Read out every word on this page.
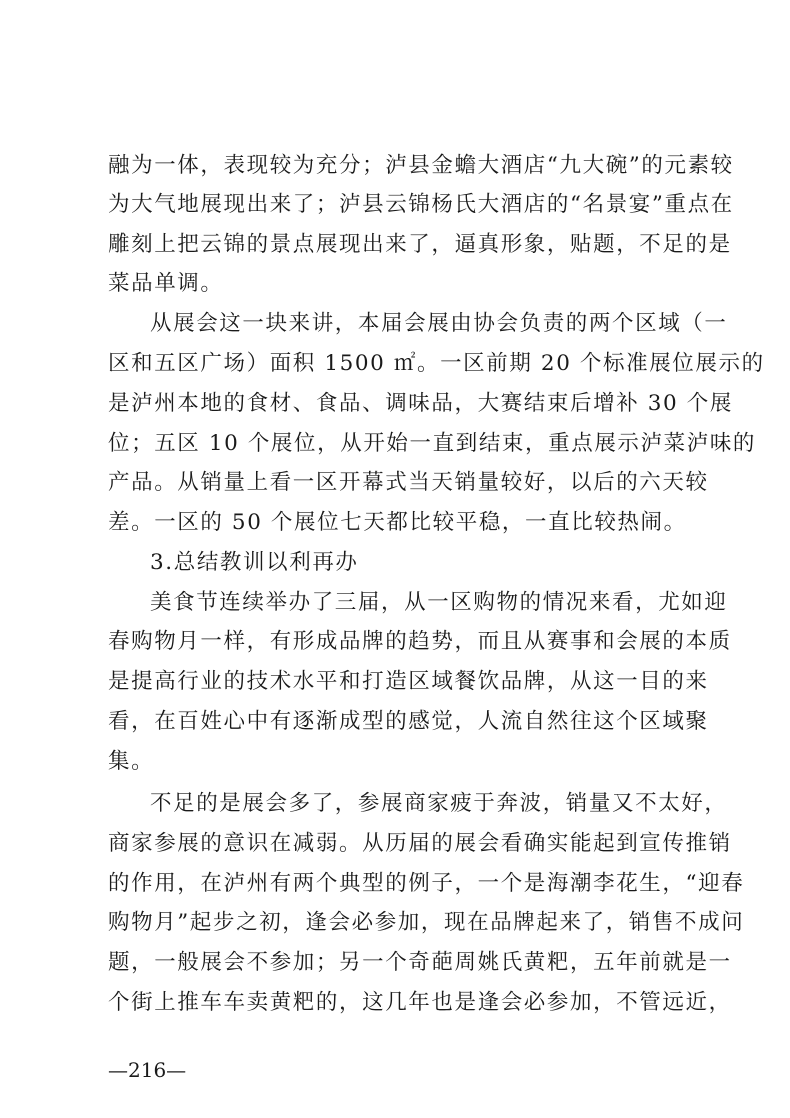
融为一体，表现较为充分；泸县金蟾大酒店“九大碗”的元素较
为大气地展现出来了；泸县云锦杨氏大酒店的“名景宴”重点在
雕刻上把云锦的景点展现出来了，逼真形象，贴题，不足的是
菜品单调。
从展会这一块来讲，本届会展由协会负责的两个区域（一
区和五区广场）面积 1500 ㎡。一区前期 20 个标准展位展示的
是泸州本地的食材、食品、调味品，大赛结束后增补 30 个展
位；五区 10 个展位，从开始一直到结束，重点展示泸菜泸味的
产品。从销量上看一区开幕式当天销量较好，以后的六天较
差。一区的 50 个展位七天都比较平稳，一直比较热闹。
3.总结教训以利再办
美食节连续举办了三届，从一区购物的情况来看，尤如迎
春购物月一样，有形成品牌的趋势，而且从赛事和会展的本质
是提高行业的技术水平和打造区域餐饮品牌，从这一目的来
看，在百姓心中有逐渐成型的感觉，人流自然往这个区域聚
集。
不足的是展会多了，参展商家疲于奔波，销量又不太好，
商家参展的意识在减弱。从历届的展会看确实能起到宣传推销
的作用，在泸州有两个典型的例子，一个是海潮李花生，“迎春
购物月”起步之初，逢会必参加，现在品牌起来了，销售不成问
题，一般展会不参加；另一个奇葩周姚氏黄粑，五年前就是一
个街上推车车卖黄粑的，这几年也是逢会必参加，不管远近，
—216—
